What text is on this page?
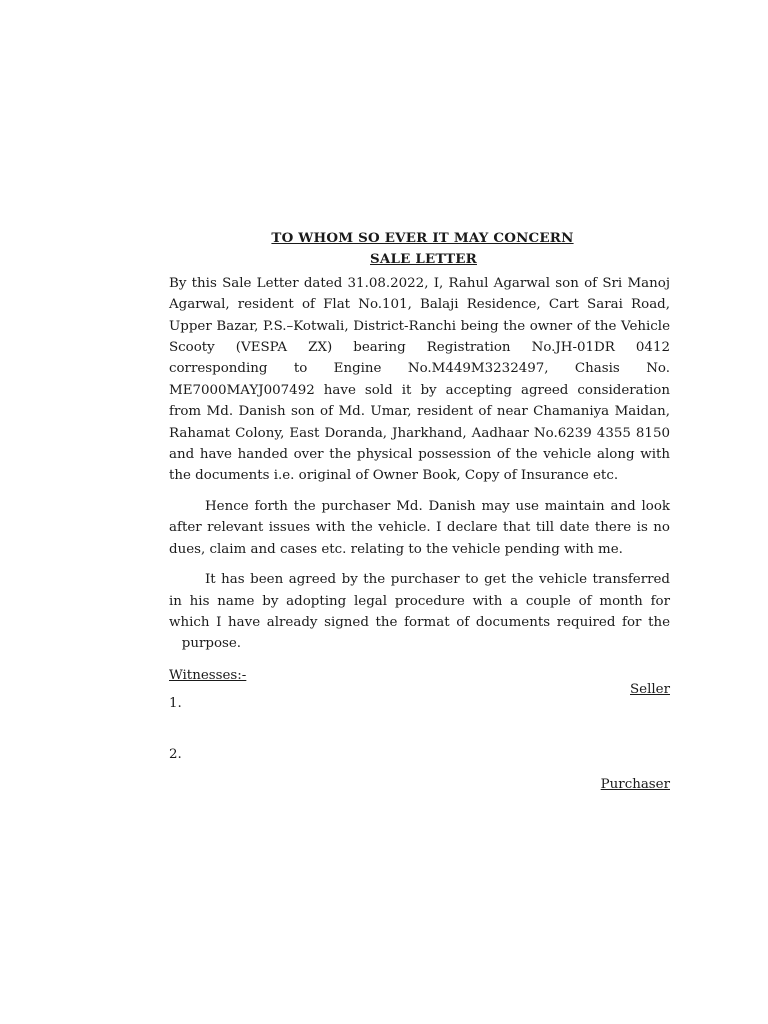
TO WHOM SO EVER IT MAY CONCERN
SALE LETTER

By this Sale Letter dated 31.08.2022, I, Rahul Agarwal son of Sri Manoj Agarwal, resident of Flat No.101, Balaji Residence, Cart Sarai Road, Upper Bazar, P.S.–Kotwali, District-Ranchi being the owner of the Vehicle Scooty (VESPA ZX) bearing Registration No.JH-01DR 0412 corresponding to Engine No.M449M3232497, Chasis No. ME7000MAYJ007492 have sold it by accepting agreed consideration from Md. Danish son of Md. Umar, resident of near Chamaniya Maidan, Rahamat Colony, East Doranda, Jharkhand, Aadhaar No.6239 4355 8150 and have handed over the physical possession of the vehicle along with the documents i.e. original of Owner Book, Copy of Insurance etc.

Hence forth the purchaser Md. Danish may use maintain and look after relevant issues with the vehicle. I declare that till date there is no dues, claim and cases etc. relating to the vehicle pending with me.

It has been agreed by the purchaser to get the vehicle transferred in his name by adopting legal procedure with a couple of month for which I have already signed the format of documents required for the    purpose.

Witnesses:-
Seller
1.
2.
Purchaser
